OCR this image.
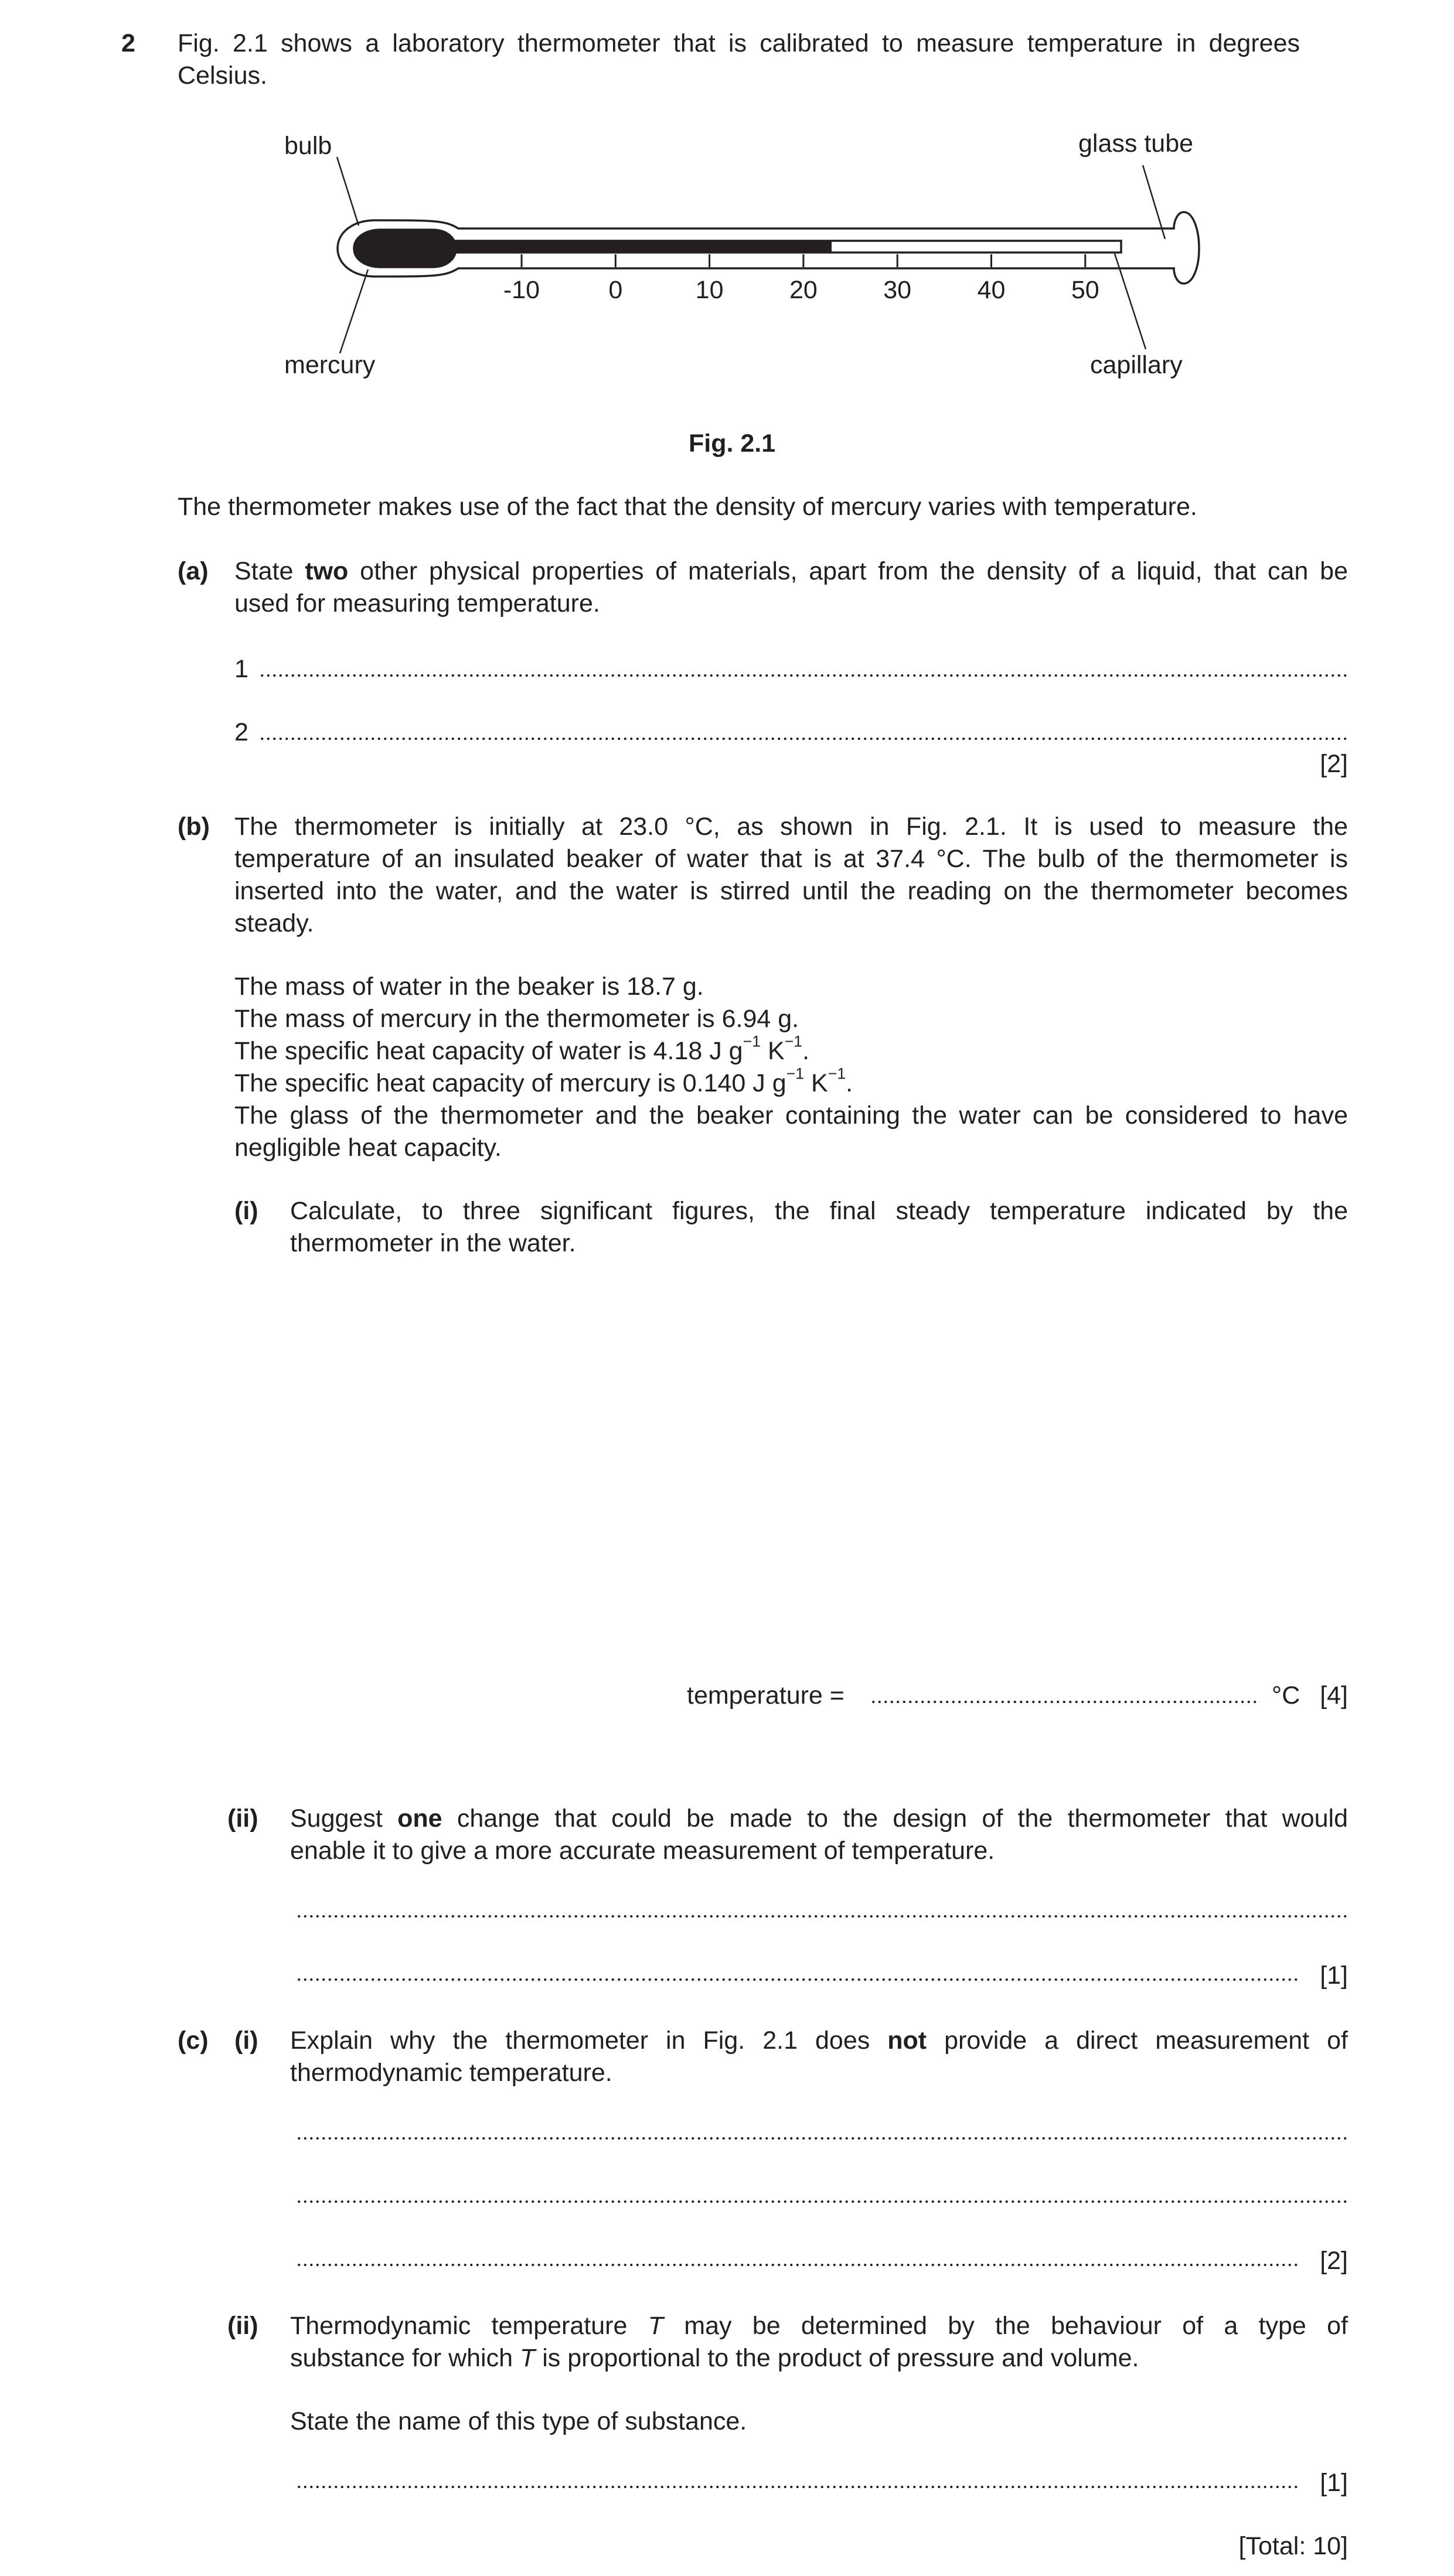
2 Fig. 2.1 shows a laboratory thermometer that is calibrated to measure temperature in degrees
Celsius.
-10	0	10	20	30	40	50
bulb	glass tube
mercury	capillary
Fig. 2.1
The thermometer makes use of the fact that the density of mercury varies with temperature.
(a) State two other physical properties of materials, apart from the density of a liquid, that can be
used for measuring temperature.
1
2
[2]
(b) The thermometer is initially at 23.0 °C, as shown in Fig. 2.1. It is used to measure the
temperature of an insulated beaker of water that is at 37.4 °C. The bulb of the thermometer is
inserted into the water, and the water is stirred until the reading on the thermometer becomes
steady.
The mass of water in the beaker is 18.7 g.
The mass of mercury in the thermometer is 6.94 g.
The specific heat capacity of water is 4.18 J $g^{-1}$ $K^{-1}$.
The specific heat capacity of mercury is 0.140 J $g^{-1}$ $K^{-1}$.
The glass of the thermometer and the beaker containing the water can be considered to have
negligible heat capacity.
(i) Calculate, to three significant figures, the final steady temperature indicated by the
thermometer in the water.
temperature =	°C [4]
(ii) Suggest one change that could be made to the design of the thermometer that would
enable it to give a more accurate measurement of temperature.
[1]
(c) (i) Explain why the thermometer in Fig. 2.1 does not provide a direct measurement of
thermodynamic temperature.
[2]
(ii) Thermodynamic temperature T may be determined by the behaviour of a type of
substance for which T is proportional to the product of pressure and volume.
State the name of this type of substance.
[1]
[Total: 10]
